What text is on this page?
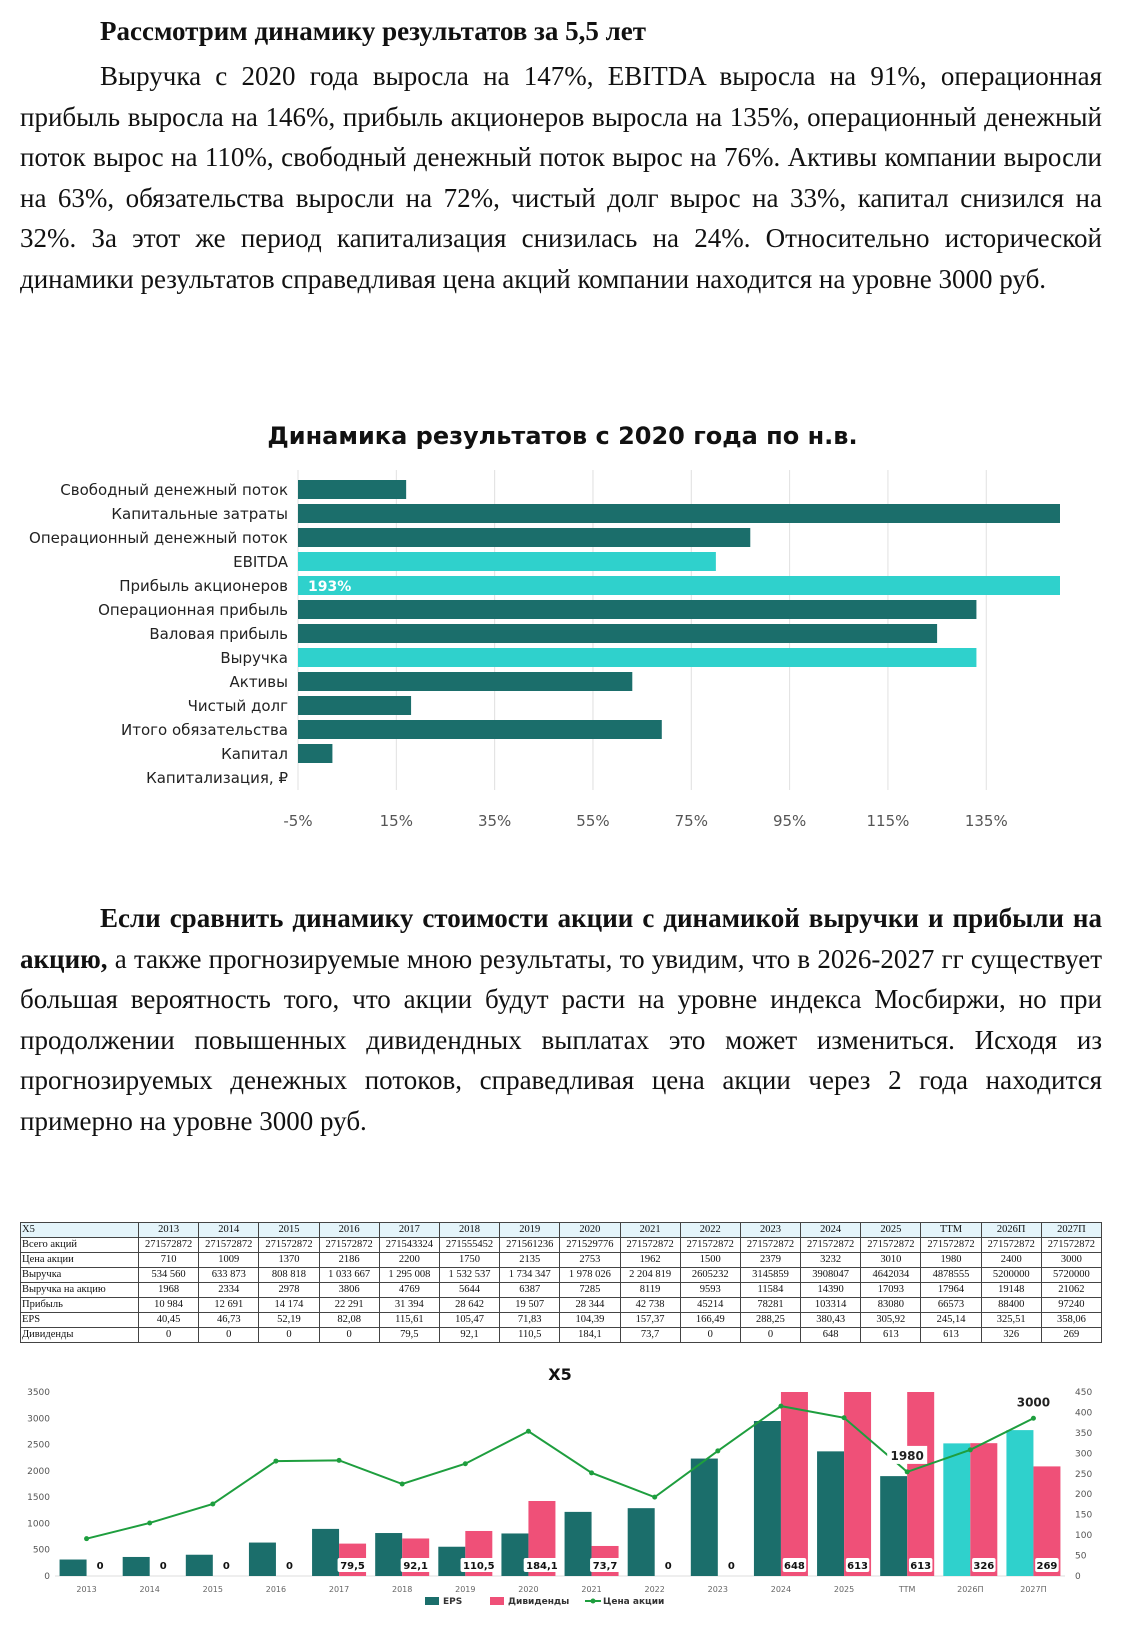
Рассмотрим динамику результатов за 5,5 лет
Выручка с 2020 года выросла на 147%, EBITDA выросла на 91%, операционная прибыль выросла на 146%, прибыль акционеров выросла на 135%, операционный денежный поток вырос на 110%, свободный денежный поток вырос на 76%. Активы компании выросли на 63%, обязательства выросли на 72%, чистый долг вырос на 33%, капитал снизился на 32%. За этот же период капитализация снизилась на 24%. Относительно исторической динамики результатов справедливая цена акций компании находится на уровне 3000 руб.
Динамика результатов с 2020 года по н.в.
-5%	15%	35%	55%	75%	95%	115%	135%
Свободный денежный поток
Капитальные затраты
Операционный денежный поток
EBITDA
Прибыль акционеров 193%
Операционная прибыль
Валовая прибыль
Выручка
Активы
Чистый долг
Итого обязательства
Капитал
Капитализация, ₽
Если сравнить динамику стоимости акции с динамикой выручки и прибыли на акцию, а также прогнозируемые мною результаты, то увидим, что в 2026-2027 гг существует большая вероятность того, что акции будут расти на уровне индекса Мосбиржи, но при продолжении повышенных дивидендных выплатах это может измениться. Исходя из прогнозируемых денежных потоков, справедливая цена акции через 2 года находится примерно на уровне 3000 руб.
X5	2013	2014	2015	2016	2017	2018	2019	2020	2021	2022	2023	2024	2025	TTM	2026П	2027П
Всего акций	271572872	271572872	271572872	271572872	271543324	271555452	271561236	271529776	271572872	271572872	271572872	271572872	271572872	271572872	271572872	271572872
Цена акции	710	1009	1370	2186	2200	1750	2135	2753	1962	1500	2379	3232	3010	1980	2400	3000
Выручка	534 560	633 873	808 818	1 033 667	1 295 008	1 532 537	1 734 347	1 978 026	2 204 819	2605232	3145859	3908047	4642034	4878555	5200000	5720000
Выручка на акцию	1968	2334	2978	3806	4769	5644	6387	7285	8119	9593	11584	14390	17093	17964	19148	21062
Прибыль	10 984	12 691	14 174	22 291	31 394	28 642	19 507	28 344	42 738	45214	78281	103314	83080	66573	88400	97240
EPS	40,45	46,73	52,19	82,08	115,61	105,47	71,83	104,39	157,37	166,49	288,25	380,43	305,92	245,14	325,51	358,06
Дивиденды	0	0	0	0	79,5	92,1	110,5	184,1	73,7	0	0	648	613	613	326	269
X5
0
500
1000
1500
2000
2500
3000
3500
0
50
100
150
200
250
300
350
400
450
0
2013
0
2014
0
2015
0
2016
79,5
2017
92,1
2018
110,5
2019
184,1
2020
73,7
2021
0
2022
0
2023
648
2024
613
2025
613
TTM
326
2026П
269
2027П
1980
3000
EPS	Дивиденды	Цена акции
